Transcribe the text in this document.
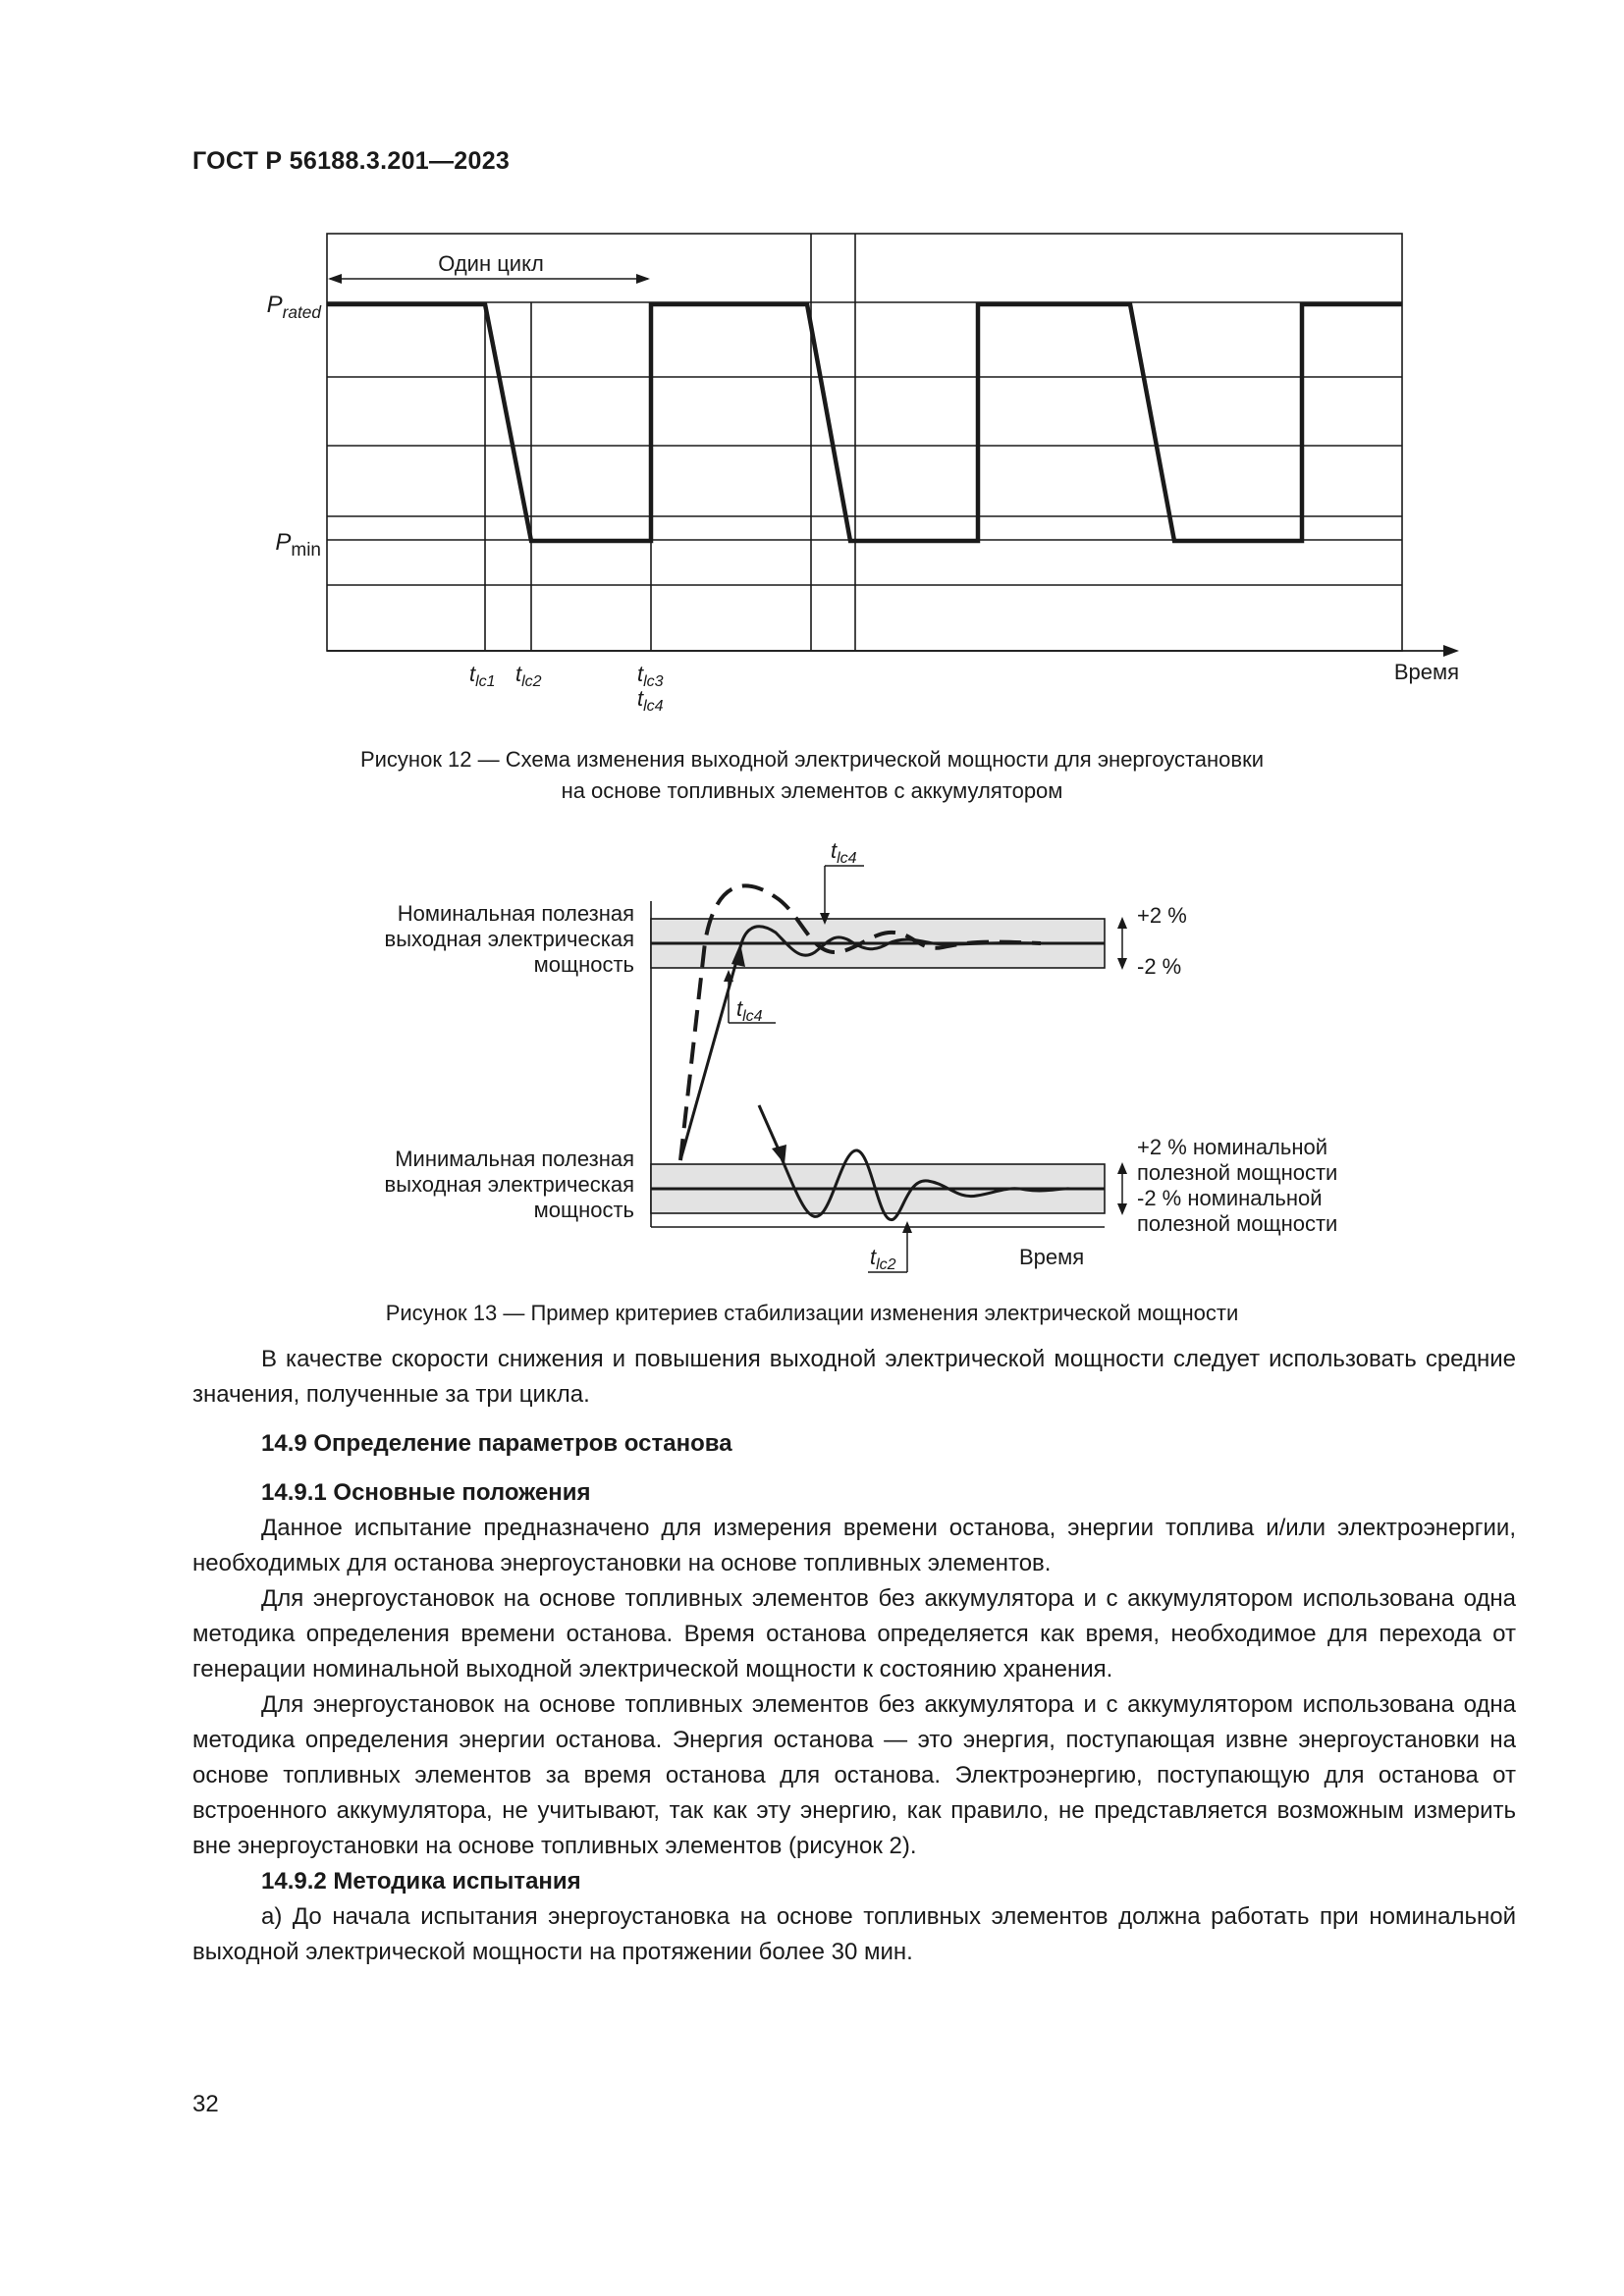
ГОСТ Р 56188.3.201—2023
Один цикл
$P_{rated}$
$P_{min}$
$t_{lc1}$ $t_{lc2}$	$t_{lc3}$
$t_{lc4}$
Время
Рисунок 12 — Схема изменения выходной электрической мощности для энергоустановки
на основе топливных элементов с аккумулятором
$t_{lc4}$
$t_{lc4}$
$t_{lc2}$
Номинальная полезная
выходная электрическая
мощность
Минимальная полезная
выходная электрическая
мощность
+2 %
-2 %
+2 % номинальной
полезной мощности
-2 % номинальной
полезной мощности
Время
Рисунок 13 — Пример критериев стабилизации изменения электрической мощности

В качестве скорости снижения и повышения выходной электрической мощности следует использовать средние значения, полученные за три цикла.

14.9 Определение параметров останова
14.9.1 Основные положения

Данное испытание предназначено для измерения времени останова, энергии топлива и/или электроэнергии, необходимых для останова энергоустановки на основе топливных элементов.

Для энергоустановок на основе топливных элементов без аккумулятора и с аккумулятором использована одна методика определения времени останова. Время останова определяется как время, необходимое для перехода от генерации номинальной выходной электрической мощности к состоянию хранения.

Для энергоустановок на основе топливных элементов без аккумулятора и с аккумулятором использована одна методика определения энергии останова. Энергия останова — это энергия, поступающая извне энергоустановки на основе топливных элементов за время останова для останова. Электроэнергию, поступающую для останова от встроенного аккумулятора, не учитывают, так как эту энергию, как правило, не представляется возможным измерить вне энергоустановки на основе топливных элементов (рисунок 2).

14.9.2 Методика испытания

а) До начала испытания энергоустановка на основе топливных элементов должна работать при номинальной выходной электрической мощности на протяжении более 30 мин.

32
